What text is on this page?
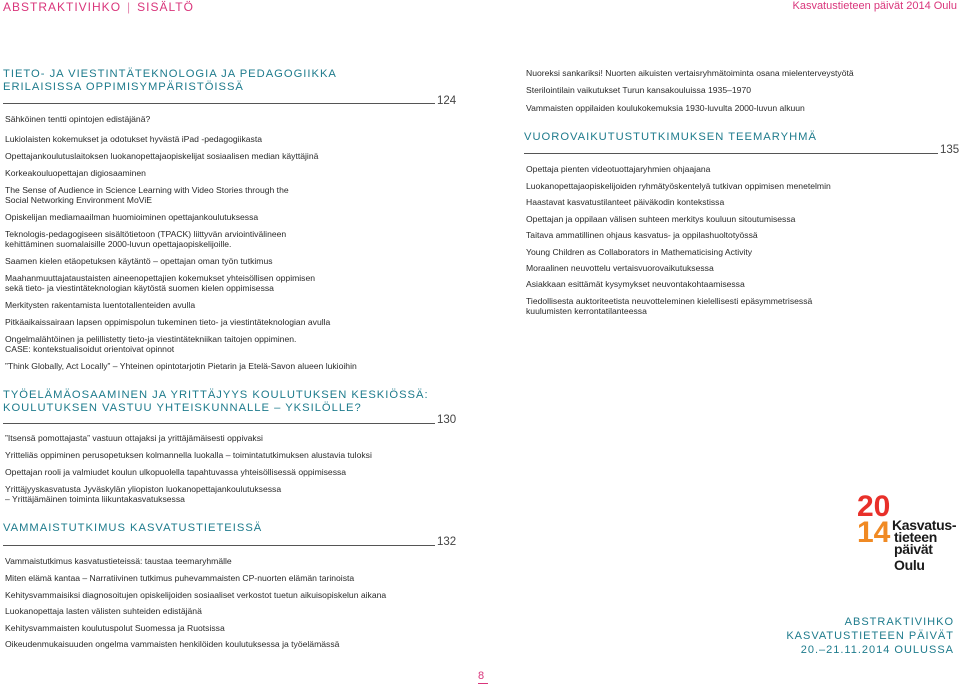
ABSTRAKTIVIHKO | SISÄLTÖ	Kasvatustieteen päivät 2014 Oulu
TIETO- JA VIESTINTÄTEKNOLOGIA JA PEDAGOGIIKKA
ERILAISISSA OPPIMISYMPÄRISTÖISSÄ
124
Sähköinen tentti opintojen edistäjänä?
Lukiolaisten kokemukset ja odotukset hyvästä iPad -pedagogiikasta
Opettajankoulutuslaitoksen luokanopettajaopiskelijat sosiaalisen median käyttäjinä
Korkeakouluopettajan digiosaaminen
The Sense of Audience in Science Learning with Video Stories through the
Social Networking Environment MoViE
Opiskelijan mediamaailman huomioiminen opettajankoulutuksessa
Teknologis-pedagogiseen sisältötietoon (TPACK) liittyvän arviointivälineen
kehittäminen suomalaisille 2000-luvun opettajaopiskelijoille.
Saamen kielen etäopetuksen käytäntö – opettajan oman työn tutkimus
Maahanmuuttajataustaisten aineenopettajien kokemukset yhteisöllisen oppimisen
sekä tieto- ja viestintäteknologian käytöstä suomen kielen oppimisessa
Merkitysten rakentamista luentotallenteiden avulla
Pitkäaikaissairaan lapsen oppimispolun tukeminen tieto- ja viestintäteknologian avulla
Ongelmalähtöinen ja pelillistetty tieto-ja viestintätekniikan taitojen oppiminen.
CASE: kontekstualisoidut orientoivat opinnot
”Think Globally, Act Locally” – Yhteinen opintotarjotin Pietarin ja Etelä-Savon alueen lukioihin
TYÖELÄMÄOSAAMINEN JA YRITTÄJYYS KOULUTUKSEN KESKIÖSSÄ:
KOULUTUKSEN VASTUU YHTEISKUNNALLE – YKSILÖLLE?
130
”Itsensä pomottajasta” vastuun ottajaksi ja yrittäjämäisesti oppivaksi
Yritteliäs oppiminen perusopetuksen kolmannella luokalla – toimintatutkimuksen alustavia tuloksi
Opettajan rooli ja valmiudet koulun ulkopuolella tapahtuvassa yhteisöllisessä oppimisessa
Yrittäjyyskasvatusta Jyväskylän yliopiston luokanopettajankoulutuksessa
– Yrittäjämäinen toiminta liikuntakasvatuksessa
VAMMAISTUTKIMUS KASVATUSTIETEISSÄ
132
Vammaistutkimus kasvatustieteissä: taustaa teemaryhmälle
Miten elämä kantaa – Narratiivinen tutkimus puhevammaisten CP-nuorten elämän tarinoista
Kehitysvammaisiksi diagnosoitujen opiskelijoiden sosiaaliset verkostot tuetun aikuisopiskelun aikana
Luokanopettaja lasten välisten suhteiden edistäjänä
Kehitysvammaisten koulutuspolut Suomessa ja Ruotsissa
Oikeudenmukaisuuden ongelma vammaisten henkilöiden koulutuksessa ja työelämässä
Nuoreksi sankariksi! Nuorten aikuisten vertaisryhmätoiminta osana mielenterveystyötä
Sterilointilain vaikutukset Turun kansakouluissa 1935–1970
Vammaisten oppilaiden koulukokemuksia 1930-luvulta 2000-luvun alkuun
VUOROVAIKUTUSTUTKIMUKSEN TEEMARYHMÄ
135
Opettaja pienten videotuottajaryhmien ohjaajana
Luokanopettajaopiskelijoiden ryhmätyöskentelyä tutkivan oppimisen menetelmin
Haastavat kasvatustilanteet päiväkodin kontekstissa
Opettajan ja oppilaan välisen suhteen merkitys kouluun sitoutumisessa
Taitava ammatillinen ohjaus kasvatus- ja oppilashuoltotyössä
Young Children as Collaborators in Mathematicising Activity
Moraalinen neuvottelu vertaisvuorovaikutuksessa
Asiakkaan esittämät kysymykset neuvontakohtaamisessa
Tiedollisesta auktoriteetista neuvotteleminen kielellisesti epäsymmetrisessä
kuulumisten kerrontatilanteessa
20
14 Kasvatus-
tieteen
päivät
Oulu
ABSTRAKTIVIHKO
KASVATUSTIETEEN PÄIVÄT
20.–21.11.2014 OULUSSA
8
